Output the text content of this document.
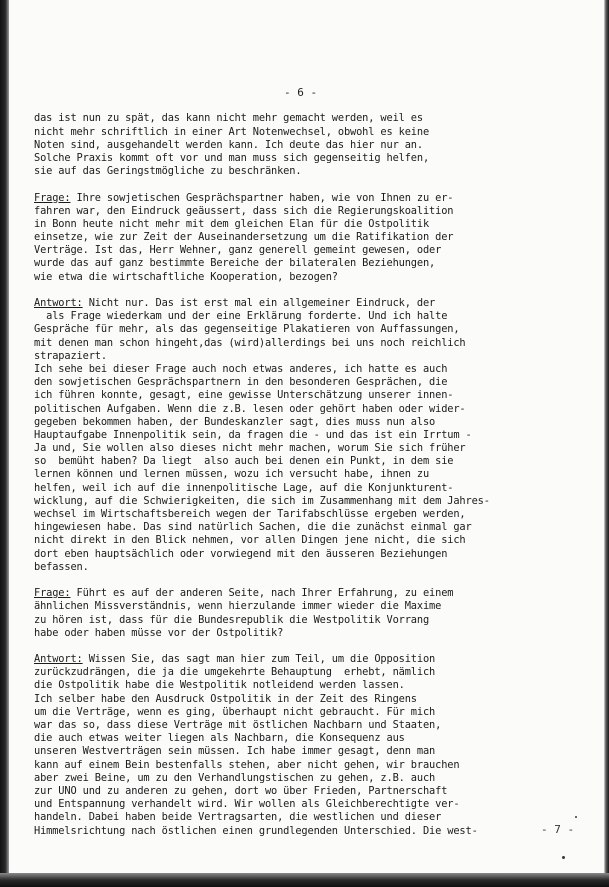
- 6 -
das ist nun zu spät, das kann nicht mehr gemacht werden, weil es
nicht mehr schriftlich in einer Art Notenwechsel, obwohl es keine
Noten sind, ausgehandelt werden kann. Ich deute das hier nur an.
Solche Praxis kommt oft vor und man muss sich gegenseitig helfen,
sie auf das Geringstmögliche zu beschränken.
Frage: Ihre sowjetischen Gesprächspartner haben, wie von Ihnen zu er-
fahren war, den Eindruck geäussert, dass sich die Regierungskoalition
in Bonn heute nicht mehr mit dem gleichen Elan für die Ostpolitik
einsetze, wie zur Zeit der Auseinandersetzung um die Ratifikation der
Verträge. Ist das, Herr Wehner, ganz generell gemeint gewesen, oder
wurde das auf ganz bestimmte Bereiche der bilateralen Beziehungen,
wie etwa die wirtschaftliche Kooperation, bezogen?
Antwort: Nicht nur. Das ist erst mal ein allgemeiner Eindruck, der
als Frage wiederkam und der eine Erklärung forderte. Und ich halte
Gespräche für mehr, als das gegenseitige Plakatieren von Auffassungen,
mit denen man schon hingeht,das (wird)allerdings bei uns noch reichlich
strapaziert.
Ich sehe bei dieser Frage auch noch etwas anderes, ich hatte es auch
den sowjetischen Gesprächspartnern in den besonderen Gesprächen, die
ich führen konnte, gesagt, eine gewisse Unterschätzung unserer innen-
politischen Aufgaben. Wenn die z.B. lesen oder gehört haben oder wider-
gegeben bekommen haben, der Bundeskanzler sagt, dies muss nun also
Hauptaufgabe Innenpolitik sein, da fragen die - und das ist ein Irrtum -
Ja und, Sie wollen also dieses nicht mehr machen, worum Sie sich früher
so  bemüht haben? Da liegt  also auch bei denen ein Punkt, in dem sie
lernen können und lernen müssen, wozu ich versucht habe, ihnen zu
helfen, weil ich auf die innenpolitische Lage, auf die Konjunkturent-
wicklung, auf die Schwierigkeiten, die sich im Zusammenhang mit dem Jahres-
wechsel im Wirtschaftsbereich wegen der Tarifabschlüsse ergeben werden,
hingewiesen habe. Das sind natürlich Sachen, die die zunächst einmal gar
nicht direkt in den Blick nehmen, vor allen Dingen jene nicht, die sich
dort eben hauptsächlich oder vorwiegend mit den äusseren Beziehungen
befassen.
Frage: Führt es auf der anderen Seite, nach Ihrer Erfahrung, zu einem
ähnlichen Missverständnis, wenn hierzulande immer wieder die Maxime
zu hören ist, dass für die Bundesrepublik die Westpolitik Vorrang
habe oder haben müsse vor der Ostpolitik?
Antwort: Wissen Sie, das sagt man hier zum Teil, um die Opposition
zurückzudrängen, die ja die umgekehrte Behauptung  erhebt, nämlich
die Ostpolitik habe die Westpolitik notleidend werden lassen.
Ich selber habe den Ausdruck Ostpolitik in der Zeit des Ringens
um die Verträge, wenn es ging, überhaupt nicht gebraucht. Für mich
war das so, dass diese Verträge mit östlichen Nachbarn und Staaten,
die auch etwas weiter liegen als Nachbarn, die Konsequenz aus
unseren Westverträgen sein müssen. Ich habe immer gesagt, denn man
kann auf einem Bein bestenfalls stehen, aber nicht gehen, wir brauchen
aber zwei Beine, um zu den Verhandlungstischen zu gehen, z.B. auch
zur UNO und zu anderen zu gehen, dort wo über Frieden, Partnerschaft
und Entspannung verhandelt wird. Wir wollen als Gleichberechtigte ver-
handeln. Dabei haben beide Vertragsarten, die westlichen und dieser
Himmelsrichtung nach östlichen einen grundlegenden Unterschied. Die west-	- 7 -
